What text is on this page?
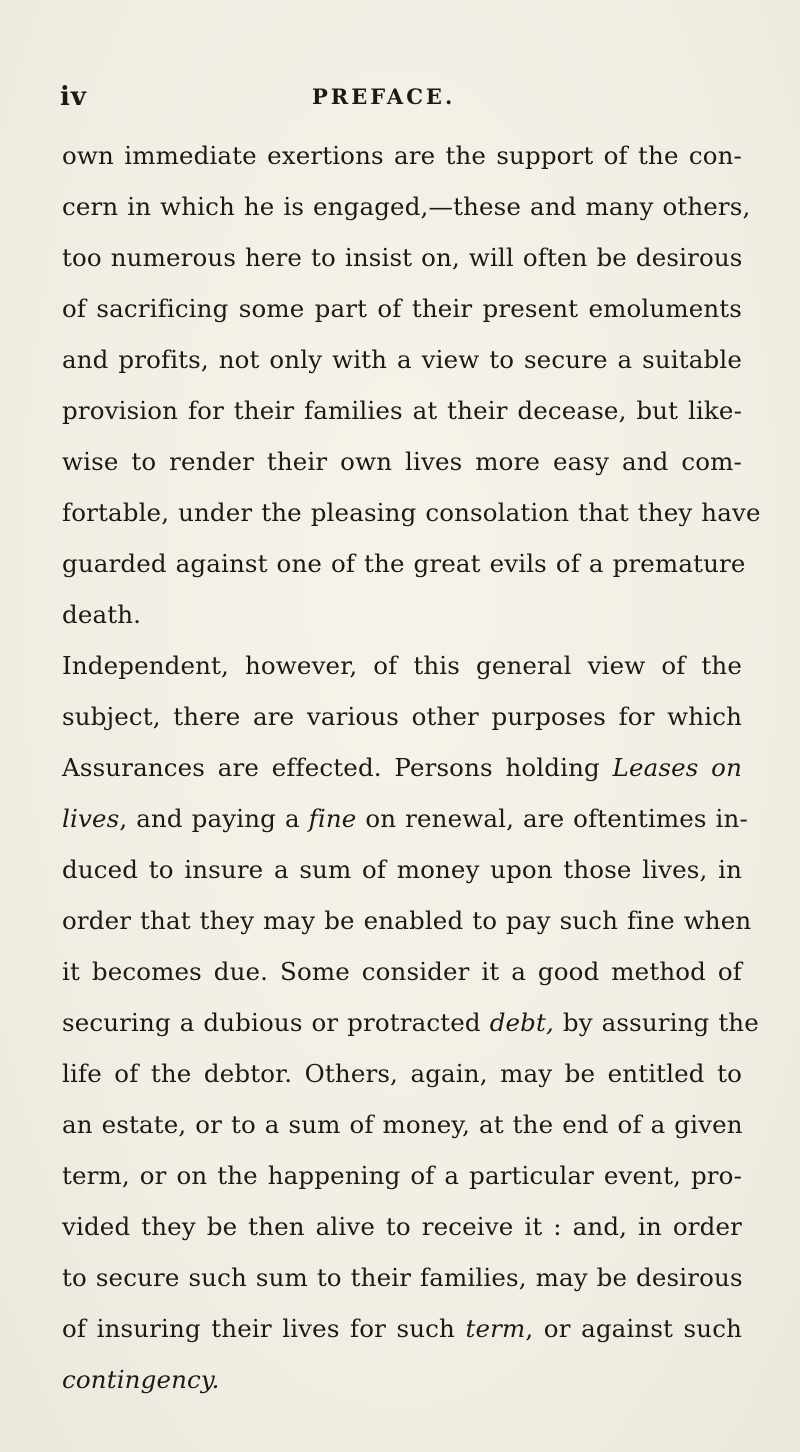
iv	PREFACE.
own immediate exertions are the support of the con-
cern in which he is engaged,—these and many others,
too numerous here to insist on, will often be desirous
of sacrificing some part of their present emoluments
and profits, not only with a view to secure a suitable
provision for their families at their decease, but like-
wise to render their own lives more easy and com-
fortable, under the pleasing consolation that they have
guarded against one of the great evils of a premature
death.
Independent, however, of this general view of the
subject, there are various other purposes for which
Assurances are effected. Persons holding Leases on
lives, and paying a fine on renewal, are oftentimes in-
duced to insure a sum of money upon those lives, in
order that they may be enabled to pay such fine when
it becomes due. Some consider it a good method of
securing a dubious or protracted debt, by assuring the
life of the debtor. Others, again, may be entitled to
an estate, or to a sum of money, at the end of a given
term, or on the happening of a particular event, pro-
vided they be then alive to receive it : and, in order
to secure such sum to their families, may be desirous
of insuring their lives for such term, or against such
contingency.
